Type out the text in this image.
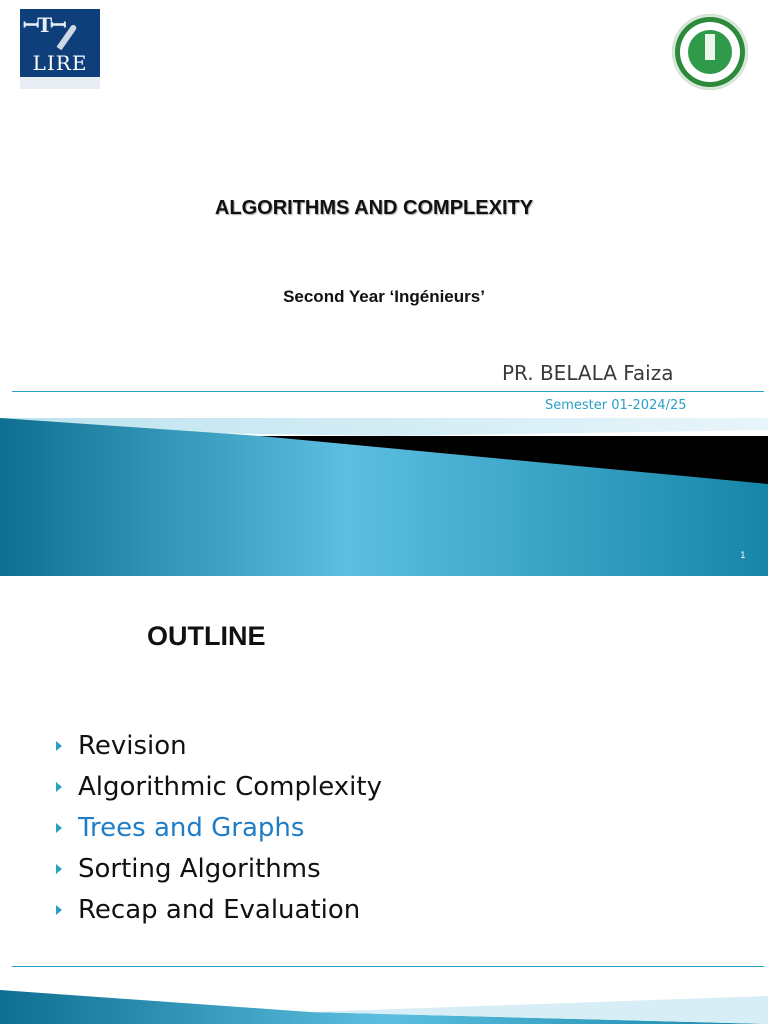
ꟷTꟷ
LIRE
ALGORITHMS AND COMPLEXITY
Second Year ‘Ingénieurs’
PR. BELALA Faiza
Semester 01-2024/25
1
OUTLINE
Revision
Algorithmic Complexity
Trees and Graphs
Sorting Algorithms
Recap and Evaluation
